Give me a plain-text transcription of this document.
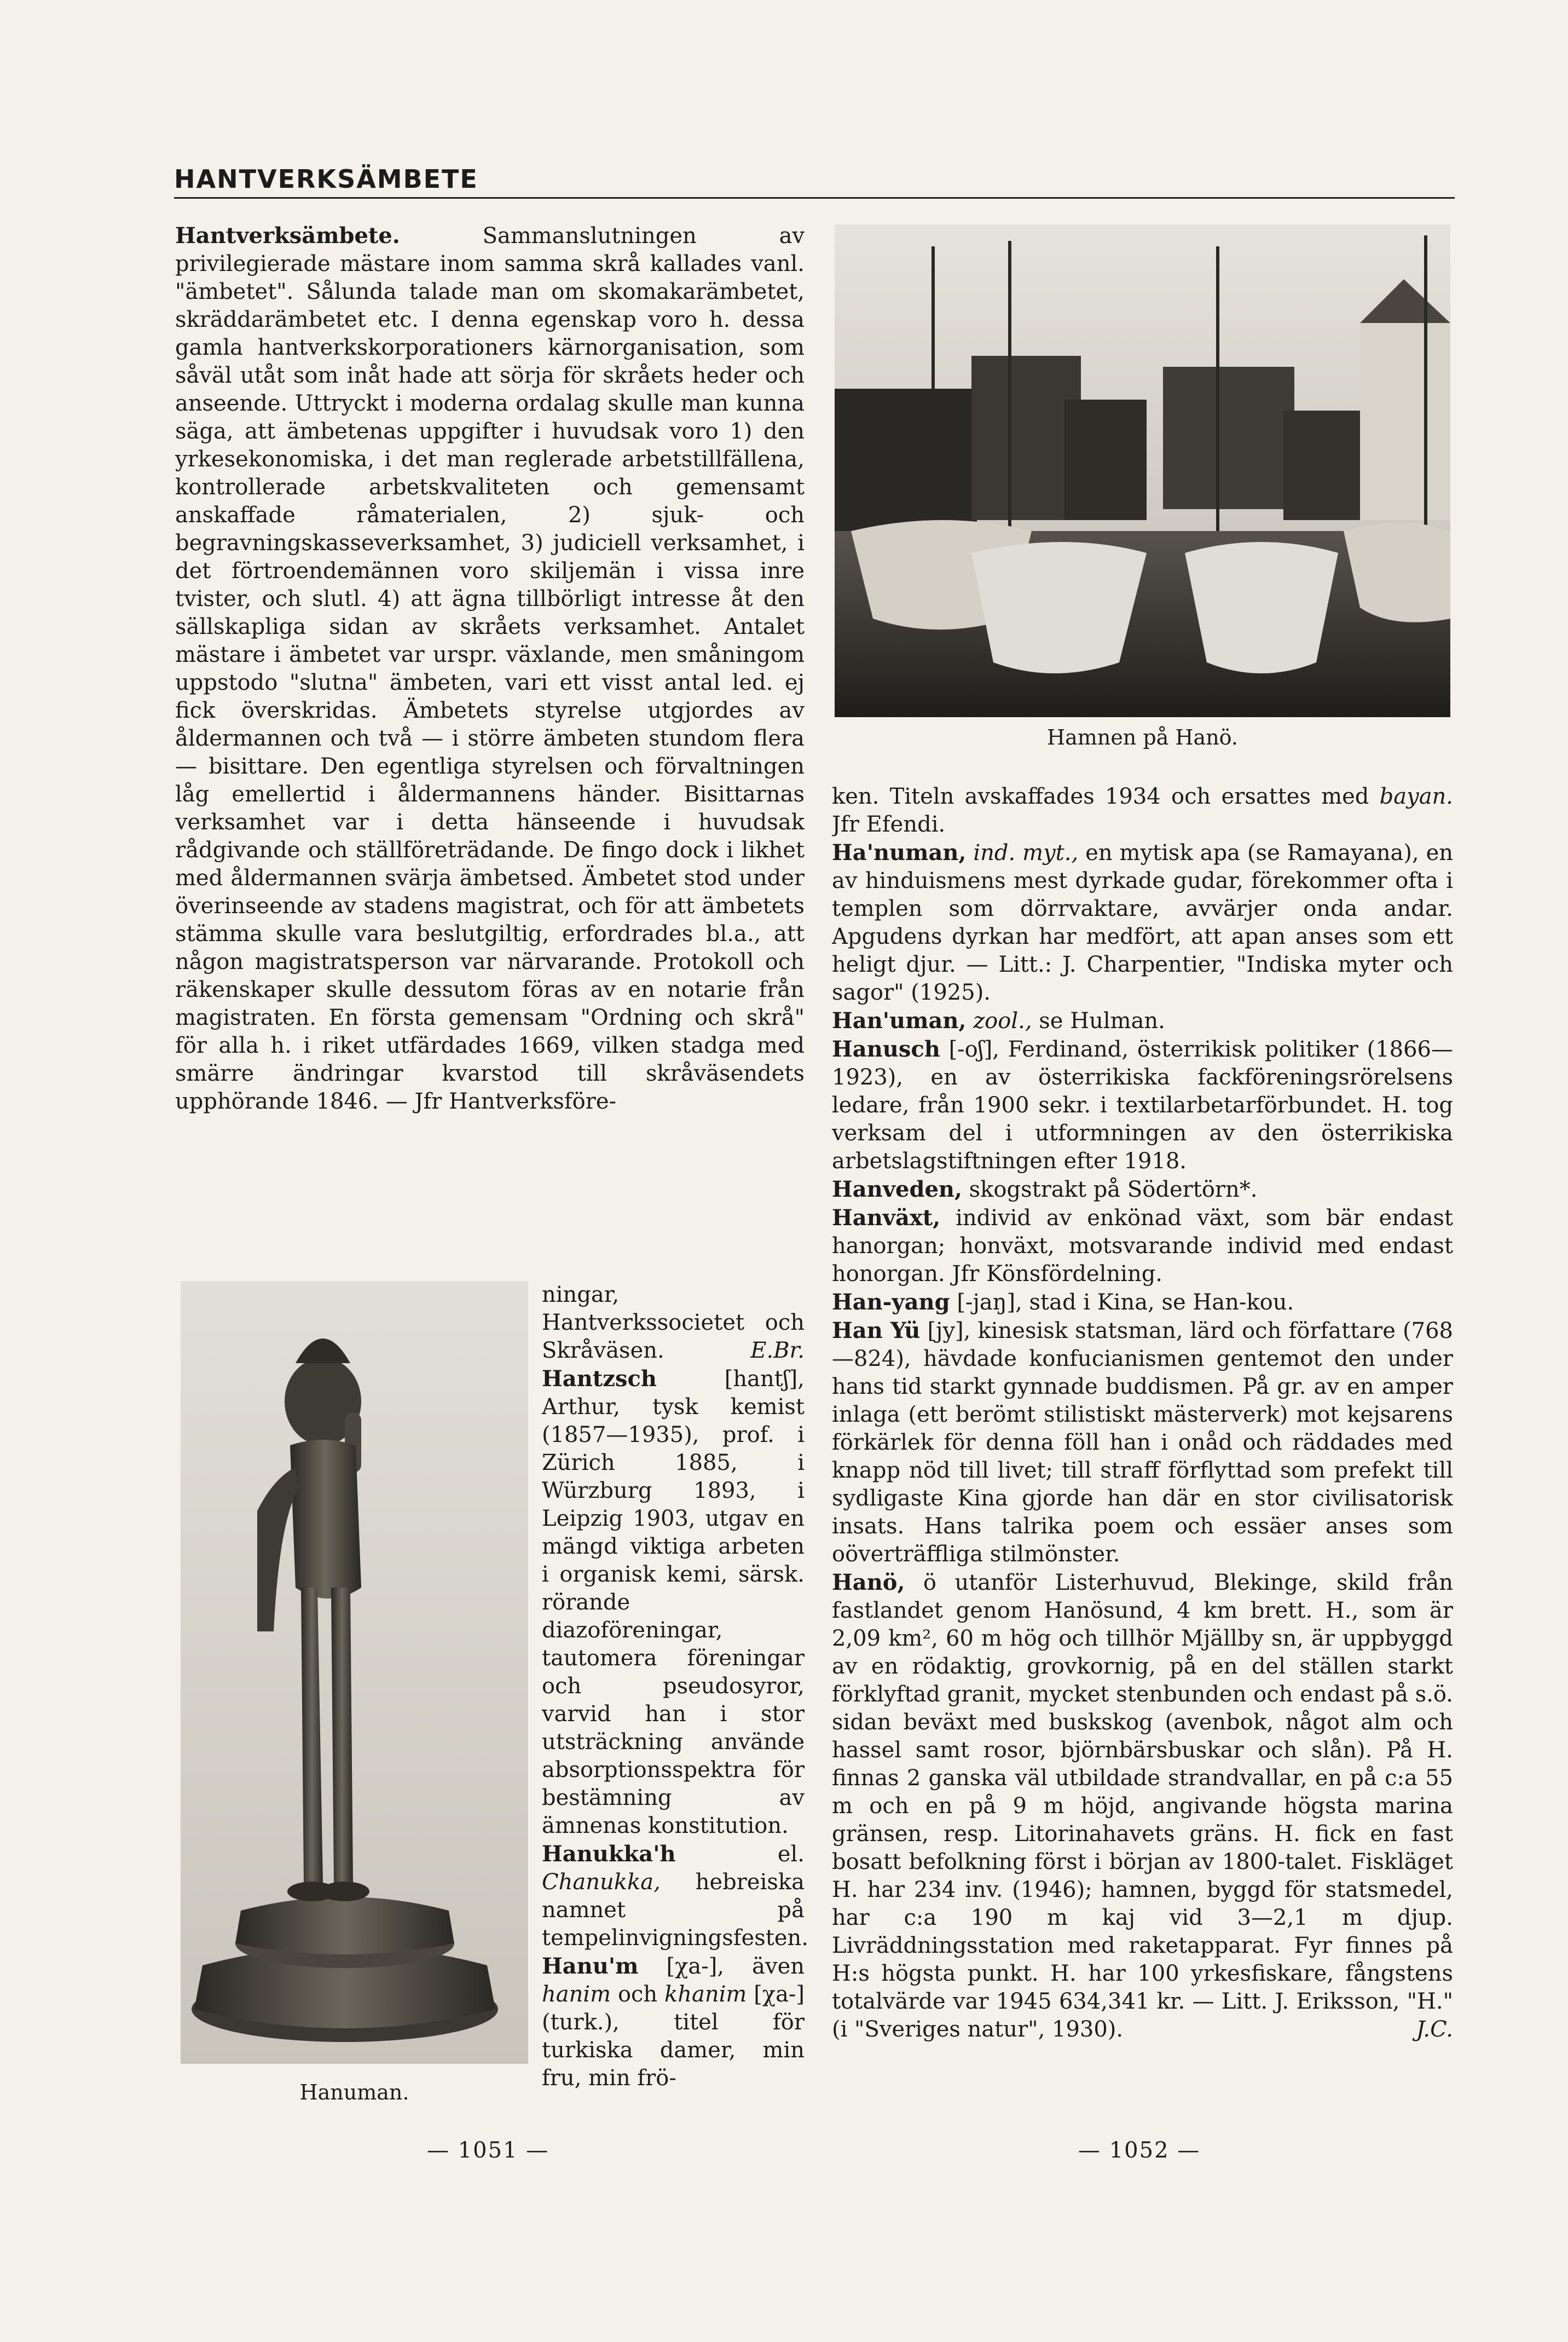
HANTVERKSÄMBETE

Hantverksämbete.	Sammanslutningen av privilegierade mästare inom samma skrå kallades vanl. "ämbetet". Sålunda talade man om skomakarämbetet, skräddarämbetet etc. I denna egenskap voro h. dessa gamla hantverkskorporationers kärnorganisation, som såväl utåt som inåt hade att sörja för skråets heder och anseende. Uttryckt i moderna ordalag skulle man kunna säga, att ämbetenas uppgifter i huvudsak voro 1) den yrkesekonomiska, i det man reglerade arbetstillfällena, kontrollerade arbetskvaliteten och gemensamt anskaffade råmaterialen, 2) sjuk- och begravningskasseverksamhet, 3) judiciell verksamhet, i det förtroendemännen voro skiljemän i vissa inre tvister, och slutl. 4) att ägna tillbörligt intresse åt den sällskapliga sidan av skråets verksamhet. Antalet mästare i ämbetet var urspr. växlande, men småningom uppstodo "slutna" ämbeten, vari ett visst antal led. ej fick överskridas. Ämbetets styrelse utgjordes av åldermannen och två — i större ämbeten stundom flera — bisittare. Den egentliga styrelsen och förvaltningen låg emellertid i åldermannens händer. Bisittarnas verksamhet var i detta hänseende i huvudsak rådgivande och ställföreträdande. De fingo dock i likhet med åldermannen svärja ämbetsed. Ämbetet stod under överinseende av stadens magistrat, och för att ämbetets stämma skulle vara beslutgiltig, erfordrades bl.a., att någon magistratsperson var närvarande. Protokoll och räkenskaper skulle dessutom föras av en notarie från magistraten. En första gemensam "Ordning och skrå" för alla h. i riket utfärdades 1669, vilken stadga med smärre ändringar kvarstod till skråväsendets upphörande 1846. — Jfr Hantverksföre-

Hanuman.

ningar, Hantverkssocietet och Skråväsen.	E.Br.

Hantzsch	[hantʃ], Arthur, tysk kemist (1857—1935), prof. i Zürich 1885, i Würzburg 1893, i Leipzig 1903, utgav en mängd viktiga arbeten i organisk kemi, särsk. rörande diazoföreningar, tautomera föreningar och pseudosyror, varvid han i stor utsträckning använde absorptionsspektra för bestämning av ämnenas konstitution.

Hanukka'h	el. Chanukka, hebreiska namnet på tempelinvigningsfesten.

Hanu'm [χa-], även hanim och khanim [χa-] (turk.), titel för turkiska damer, min fru, min frö-

Hamnen på Hanö.

ken. Titeln avskaffades 1934 och ersattes med bayan. Jfr Efendi.

Ha'numan, ind. myt., en mytisk apa (se Ramayana), en av hinduismens mest dyrkade gudar, förekommer ofta i templen som dörrvaktare, avvärjer onda andar. Apgudens dyrkan har medfört, att apan anses som ett heligt djur. — Litt.: J. Charpentier, "Indiska myter och sagor" (1925).

Han'uman, zool., se Hulman.

Hanusch [-oʃ], Ferdinand, österrikisk politiker (1866—1923), en av österrikiska fackföreningsrörelsens ledare, från 1900 sekr. i textilarbetarförbundet. H. tog verksam del i utformningen av den österrikiska arbetslagstiftningen efter 1918.

Hanveden, skogstrakt på Södertörn*.

Hanväxt, individ av enkönad växt, som bär endast hanorgan; honväxt, motsvarande individ med endast honorgan. Jfr Könsfördelning.

Han-yang [-jaŋ], stad i Kina, se Han-kou.

Han Yü [jy], kinesisk statsman, lärd och författare (768—824), hävdade konfucianismen gentemot den under hans tid starkt gynnade buddismen. På gr. av en amper inlaga (ett berömt stilistiskt mästerverk) mot kejsarens förkärlek för denna föll han i onåd och räddades med knapp nöd till livet; till straff förflyttad som prefekt till sydligaste Kina gjorde han där en stor civilisatorisk insats. Hans talrika poem och essäer anses som oöverträffliga stilmönster.

Hanö, ö utanför Listerhuvud, Blekinge, skild från fastlandet genom Hanösund, 4 km brett. H., som är 2,09 km², 60 m hög och tillhör Mjällby sn, är uppbyggd av en rödaktig, grovkornig, på en del ställen starkt förklyftad granit, mycket stenbunden och endast på s.ö. sidan beväxt med buskskog (avenbok, något alm och hassel samt rosor, björnbärsbuskar och slån). På H. finnas 2 ganska väl utbildade strandvallar, en på c:a 55 m och en på 9 m höjd, angivande högsta marina gränsen, resp. Litorinahavets gräns. H. fick en fast bosatt befolkning först i början av 1800-talet. Fiskläget H. har 234 inv. (1946); hamnen, byggd för statsmedel, har c:a 190 m kaj vid 3—2,1 m djup. Livräddningsstation med raketapparat. Fyr finnes på H:s högsta punkt. H. har 100 yrkesfiskare, fångstens totalvärde var 1945 634,341 kr. — Litt. J. Eriksson, "H." (i "Sveriges natur", 1930).	J.C.

— 1051 —	— 1052 —
